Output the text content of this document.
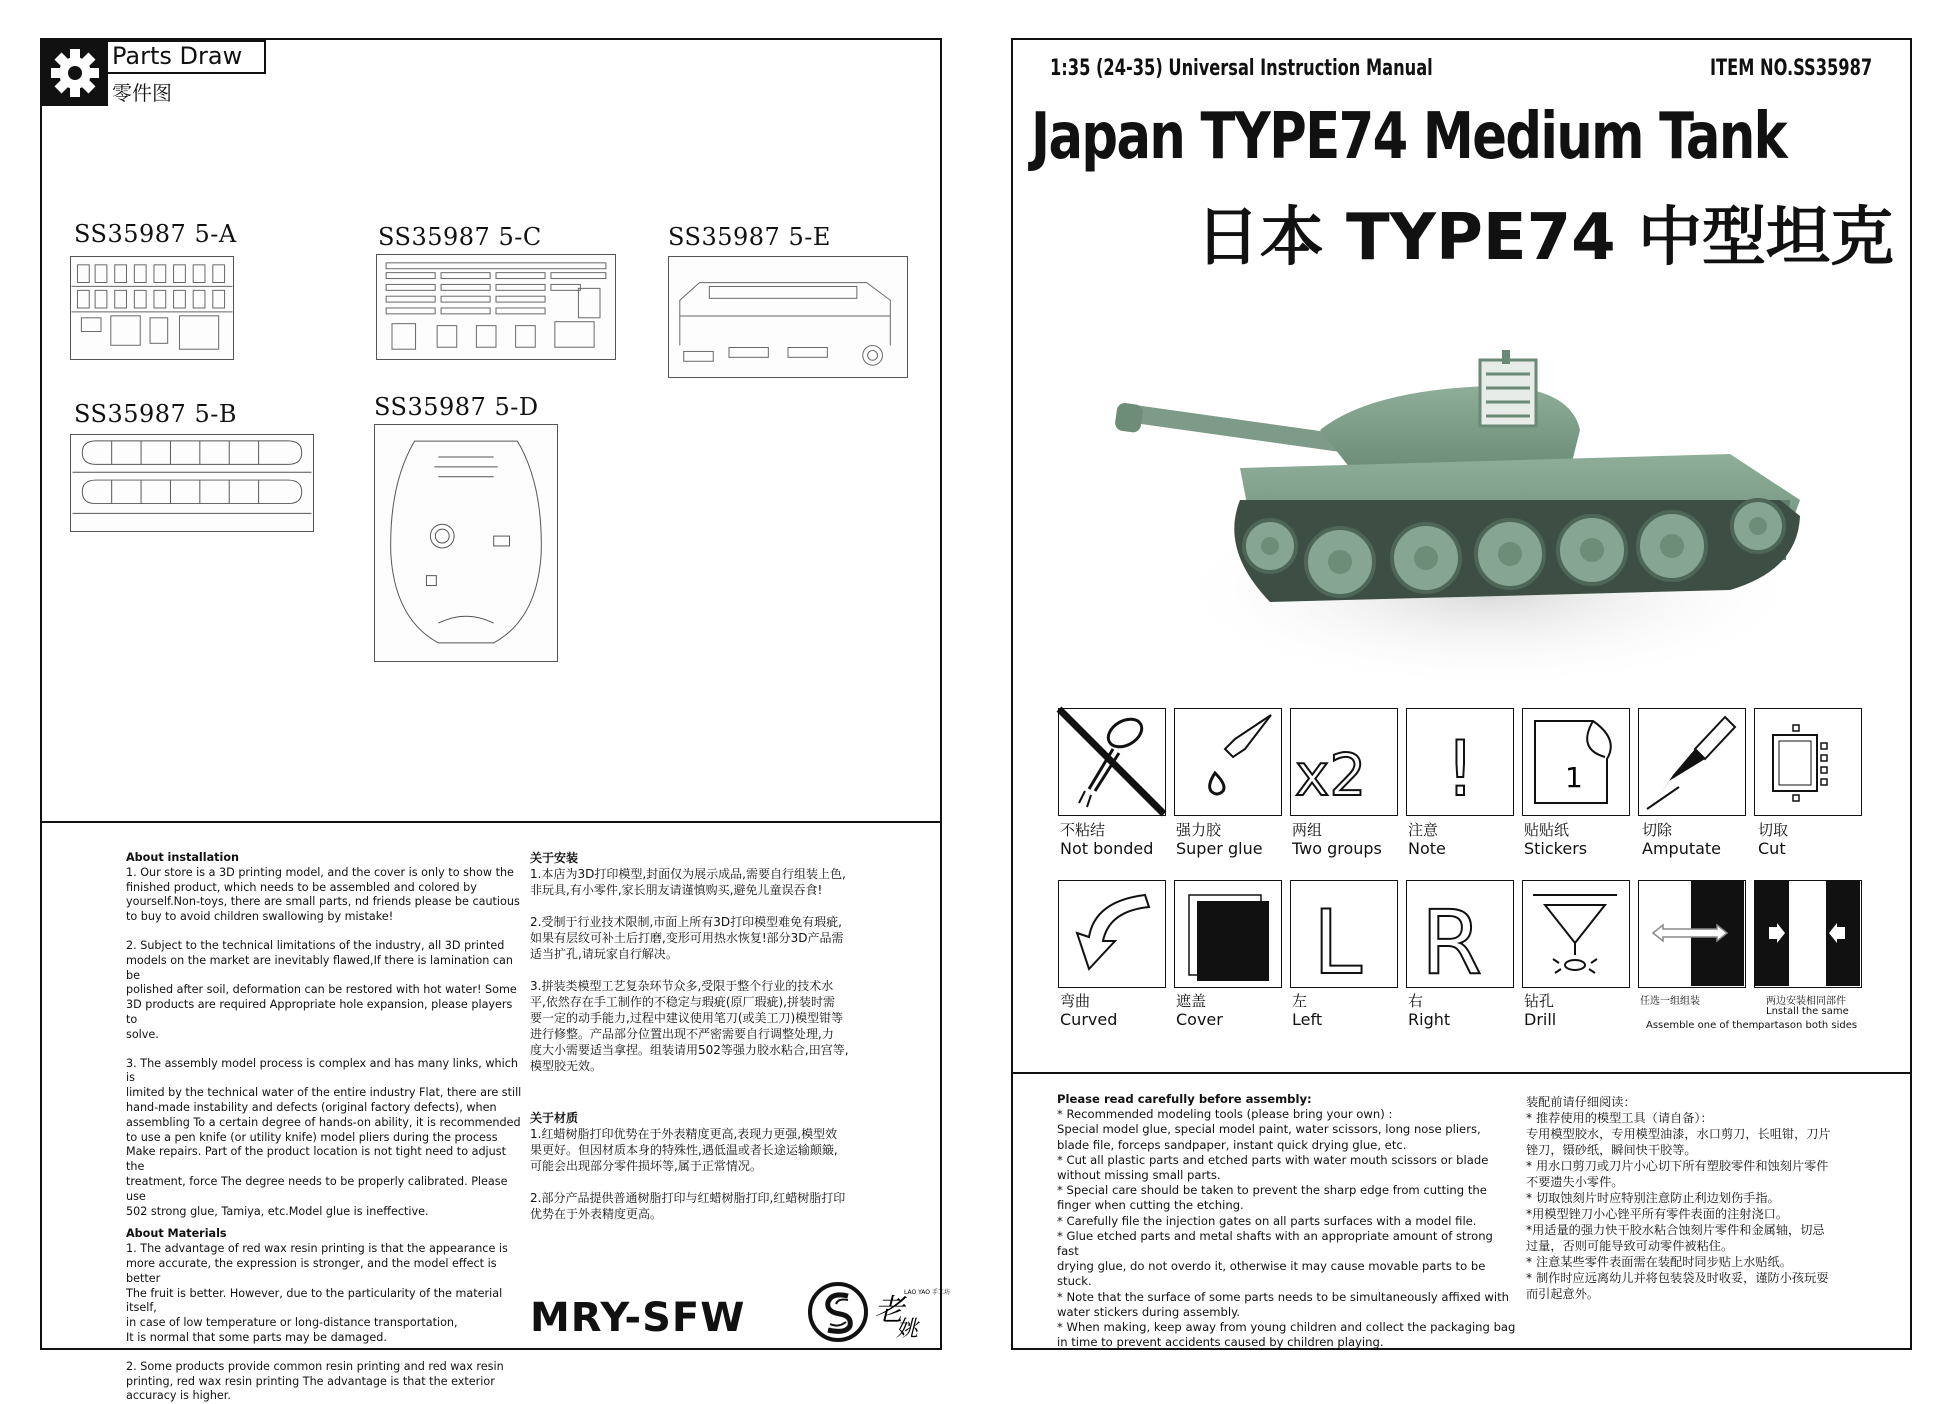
Parts Draw
零件图
SS35987 5-A	SS35987 5-C	SS35987 5-E
SS35987 5-B	SS35987 5-D
About installation
1. Our store is a 3D printing model, and the cover is only to show the
finished product, which needs to be assembled and colored by
yourself.Non-toys, there are small parts, nd friends please be cautious
to buy to avoid children swallowing by mistake!
2. Subject to the technical limitations of the industry, all 3D printed
models on the market are inevitably flawed,If there is lamination can be
polished after soil, deformation can be restored with hot water! Some
3D products are required Appropriate hole expansion, please players to
solve.
3. The assembly model process is complex and has many links, which is
limited by the technical water of the entire industry Flat, there are still
hand-made instability and defects (original factory defects), when
assembling To a certain degree of hands-on ability, it is recommended
to use a pen knife (or utility knife) model pliers during the process
Make repairs. Part of the product location is not tight need to adjust the
treatment, force The degree needs to be properly calibrated. Please use
502 strong glue, Tamiya, etc.Model glue is ineffective.
About Materials
1. The advantage of red wax resin printing is that the appearance is
more accurate, the expression is stronger, and the model effect is better
The fruit is better. However, due to the particularity of the material itself,
in case of low temperature or long-distance transportation,
It is normal that some parts may be damaged.
2. Some products provide common resin printing and red wax resin
printing, red wax resin printing The advantage is that the exterior
accuracy is higher.
关于安装
1.本店为3D打印模型,封面仅为展示成品,需要自行组装上色,
非玩具,有小零件,家长朋友请谨慎购买,避免儿童误吞食!
2.受制于行业技术限制,市面上所有3D打印模型难免有瑕疵,
如果有层纹可补土后打磨,变形可用热水恢复!部分3D产品需
适当扩孔,请玩家自行解决。
3.拼装类模型工艺复杂环节众多,受限于整个行业的技术水
平,依然存在手工制作的不稳定与瑕疵(原厂瑕疵),拼装时需
要一定的动手能力,过程中建议使用笔刀(或美工刀)模型钳等
进行修整。产品部分位置出现不严密需要自行调整处理,力
度大小需要适当拿捏。组装请用502等强力胶水粘合,田宫等,
模型胶无效。
关于材质
1.红蜡树脂打印优势在于外表精度更高,表现力更强,模型效
果更好。但因材质本身的特殊性,遇低温或者长途运输颠簸,
可能会出现部分零件损坏等,属于正常情况。
2.部分产品提供普通树脂打印与红蜡树脂打印,红蜡树脂打印
优势在于外表精度更高。
MRY-SFW	老
姚
LAO YAO 手工坊
1:35 (24-35) Universal Instruction Manual	ITEM NO.SS35987
Japan TYPE74 Medium Tank
日本 TYPE74 中型坦克
x2 !	1
不粘结
Not bonded
强力胶
Super glue
两组
Two groups
注意
Note
贴贴纸
Stickers
切除
Amputate
切取
Cut
L R
弯曲
Curved
遮盖
Cover
左
Left
右
Right
钻孔
Drill
任选一组组装
Assemble one of them
两边安装相同部件
Lnstall the same
partason both sides
Please read carefully before assembly:
* Recommended modeling tools (please bring your own) :
Special model glue, special model paint, water scissors, long nose pliers,
blade file, forceps sandpaper, instant quick drying glue, etc.
* Cut all plastic parts and etched parts with water mouth scissors or blade
without missing small parts.
* Special care should be taken to prevent the sharp edge from cutting the
finger when cutting the etching.
* Carefully file the injection gates on all parts surfaces with a model file.
* Glue etched parts and metal shafts with an appropriate amount of strong fast
drying glue, do not overdo it, otherwise it may cause movable parts to be
stuck.
* Note that the surface of some parts needs to be simultaneously affixed with
water stickers during assembly.
* When making, keep away from young children and collect the packaging bag
in time to prevent accidents caused by children playing.
装配前请仔细阅读：
* 推荐使用的模型工具（请自备）：
专用模型胶水，专用模型油漆，水口剪刀，长咀钳，刀片
锉刀，镊砂纸，瞬间快干胶等。
* 用水口剪刀或刀片小心切下所有塑胶零件和蚀刻片零件
不要遗失小零件。
* 切取蚀刻片时应特别注意防止利边划伤手指。
*用模型锉刀小心锉平所有零件表面的注射浇口。
*用适量的强力快干胶水粘合蚀刻片零件和金属轴，切忌
过量，否则可能导致可动零件被粘住。
* 注意某些零件表面需在装配时同步贴上水贴纸。
* 制作时应远离幼儿并将包装袋及时收妥，谨防小孩玩耍
而引起意外。
